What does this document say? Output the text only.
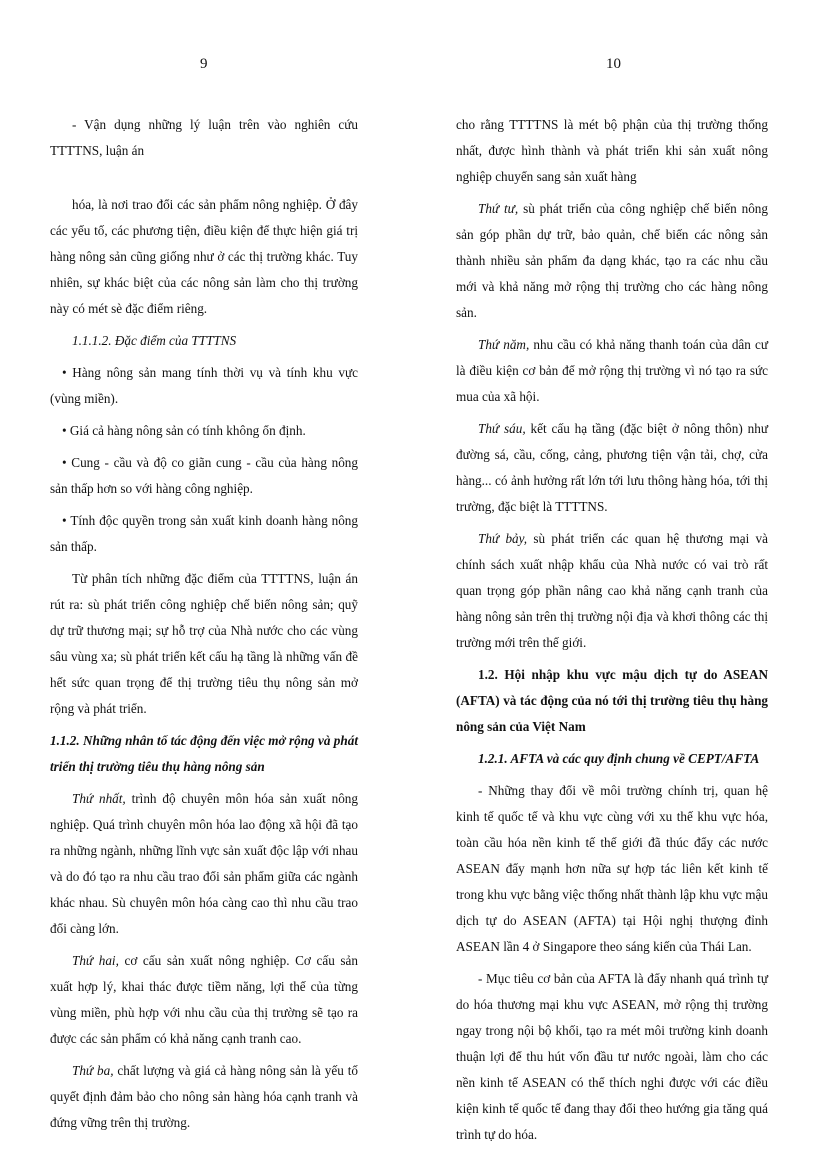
9	10

- Vận dụng những lý luận trên vào nghiên cứu TTTTNS, luận án

hóa, là nơi trao đổi các sản phẩm nông nghiệp. Ở đây các yếu tố, các phương tiện, điều kiện để thực hiện giá trị hàng nông sản cũng giống như ở các thị trường khác. Tuy nhiên, sự khác biệt của các nông sản làm cho thị trường này có mét sè đặc điểm riêng.

1.1.1.2. Đặc điểm của TTTTNS

• Hàng nông sản mang tính thời vụ và tính khu vực (vùng miền).

• Giá cả hàng nông sản có tính không ổn định.

• Cung - cầu và độ co giãn cung - cầu của hàng nông sản thấp hơn so với hàng công nghiệp.

• Tính độc quyền trong sản xuất kinh doanh hàng nông sản thấp.

Từ phân tích những đặc điểm của TTTTNS, luận án rút ra: sù phát triển công nghiệp chế biến nông sản; quỹ dự trữ thương mại; sự hỗ trợ của Nhà nước cho các vùng sâu vùng xa; sù phát triển kết cấu hạ tầng là những vấn đề hết sức quan trọng để thị trường tiêu thụ nông sản mở rộng và phát triển.

1.1.2. Những nhân tố tác động đến việc mở rộng và phát triển thị trường tiêu thụ hàng nông sản

Thứ nhất, trình độ chuyên môn hóa sản xuất nông nghiệp. Quá trình chuyên môn hóa lao động xã hội đã tạo ra những ngành, những lĩnh vực sản xuất độc lập với nhau và do đó tạo ra nhu cầu trao đổi sản phẩm giữa các ngành khác nhau. Sù chuyên môn hóa càng cao thì nhu cầu trao đổi càng lớn.

Thứ hai, cơ cấu sản xuất nông nghiệp. Cơ cấu sản xuất hợp lý, khai thác được tiềm năng, lợi thế của từng vùng miền, phù hợp với nhu cầu của thị trường sẽ tạo ra được các sản phẩm có khả năng cạnh tranh cao.

Thứ ba, chất lượng và giá cả hàng nông sản là yếu tố quyết định đảm bảo cho nông sản hàng hóa cạnh tranh và đứng vững trên thị trường.

cho rằng TTTTNS là mét bộ phận của thị trường thống nhất, được hình thành và phát triển khi sản xuất nông nghiệp chuyển sang sản xuất hàng

Thứ tư, sù phát triển của công nghiệp chế biến nông sản góp phần dự trữ, bảo quản, chế biến các nông sản thành nhiều sản phẩm đa dạng khác, tạo ra các nhu cầu mới và khả năng mở rộng thị trường cho các hàng nông sản.

Thứ năm, nhu cầu có khả năng thanh toán của dân cư là điều kiện cơ bản để mở rộng thị trường vì nó tạo ra sức mua của xã hội.

Thứ sáu, kết cấu hạ tầng (đặc biệt ở nông thôn) như đường sá, cầu, cống, cảng, phương tiện vận tải, chợ, cửa hàng... có ảnh hưởng rất lớn tới lưu thông hàng hóa, tới thị trường, đặc biệt là TTTTNS.

Thứ bảy, sù phát triển các quan hệ thương mại và chính sách xuất nhập khẩu của Nhà nước có vai trò rất quan trọng góp phần nâng cao khả năng cạnh tranh của hàng nông sản trên thị trường nội địa và khơi thông các thị trường mới trên thế giới.

1.2. Hội nhập khu vực mậu dịch tự do ASEAN (AFTA) và tác động của nó tới thị trường tiêu thụ hàng nông sản của Việt Nam

1.2.1. AFTA và các quy định chung về CEPT/AFTA

- Những thay đổi về môi trường chính trị, quan hệ kinh tế quốc tế và khu vực cùng với xu thế khu vực hóa, toàn cầu hóa nền kinh tế thế giới đã thúc đẩy các nước ASEAN đẩy mạnh hơn nữa sự hợp tác liên kết kinh tế trong khu vực bằng việc thống nhất thành lập khu vực mậu dịch tự do ASEAN (AFTA) tại Hội nghị thượng đỉnh ASEAN lần 4 ở Singapore theo sáng kiến của Thái Lan.

- Mục tiêu cơ bản của AFTA là đẩy nhanh quá trình tự do hóa thương mại khu vực ASEAN, mở rộng thị trường ngay trong nội bộ khối, tạo ra mét môi trường kinh doanh thuận lợi để thu hút vốn đầu tư nước ngoài, làm cho các nền kinh tế ASEAN có thể thích nghi được với các điều kiện kinh tế quốc tế đang thay đổi theo hướng gia tăng quá trình tự do hóa.
